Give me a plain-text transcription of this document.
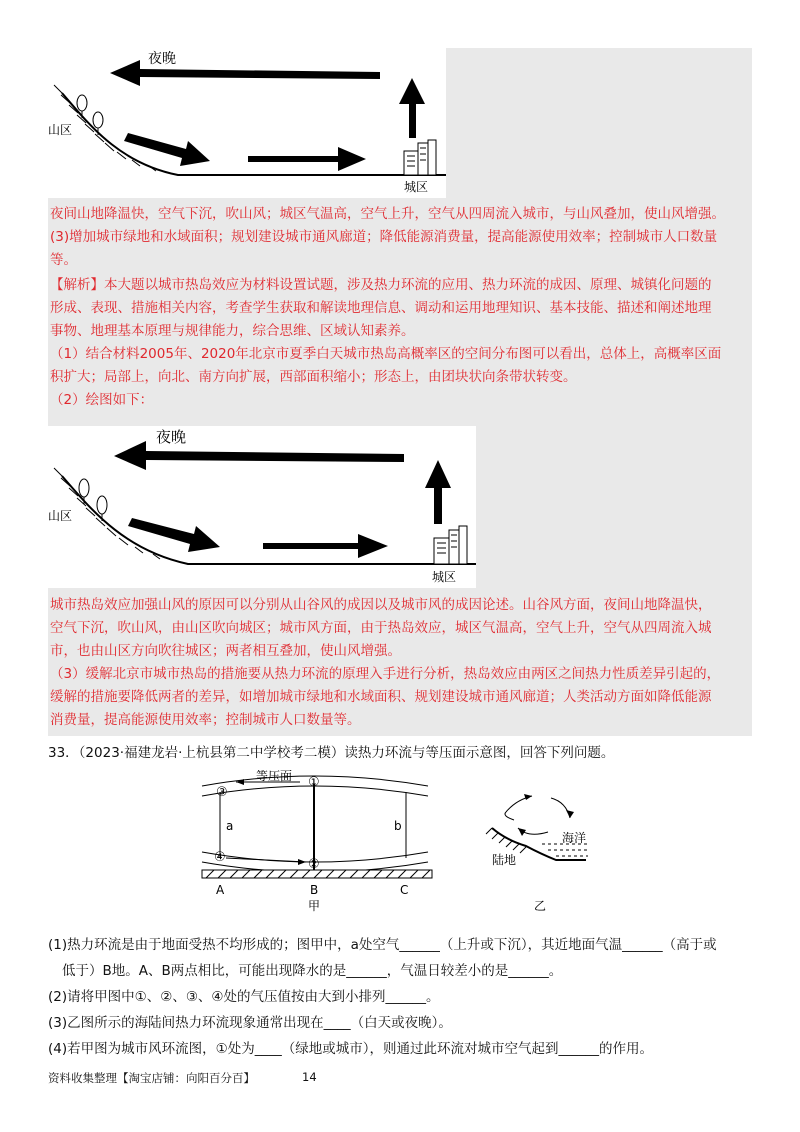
夜晚
山区
城区
夜间山地降温快，空气下沉，吹山风；城区气温高，空气上升，空气从四周流入城市，与山风叠加，使山风增强。
(3)增加城市绿地和水域面积；规划建设城市通风廊道；降低能源消费量，提高能源使用效率；控制城市人口数量
等。
【解析】本大题以城市热岛效应为材料设置试题，涉及热力环流的应用、热力环流的成因、原理、城镇化问题的
形成、表现、措施相关内容，考查学生获取和解读地理信息、调动和运用地理知识、基本技能、描述和阐述地理
事物、地理基本原理与规律能力，综合思维、区域认知素养。
（1）结合材料2005年、2020年北京市夏季白天城市热岛高概率区的空间分布图可以看出，总体上，高概率区面
积扩大；局部上，向北、南方向扩展，西部面积缩小；形态上，由团块状向条带状转变。
（2）绘图如下：
夜晚
山区
城区
城市热岛效应加强山风的原因可以分别从山谷风的成因以及城市风的成因论述。山谷风方面，夜间山地降温快，
空气下沉，吹山风，由山区吹向城区；城市风方面，由于热岛效应，城区气温高，空气上升，空气从四周流入城
市，也由山区方向吹往城区；两者相互叠加，使山风增强。
（3）缓解北京市城市热岛的措施要从热力环流的原理入手进行分析，热岛效应由两区之间热力性质差异引起的，
缓解的措施要降低两者的差异，如增加城市绿地和水域面积、规划建设城市通风廊道；人类活动方面如降低能源
消费量，提高能源使用效率；控制城市人口数量等。
33．（2023·福建龙岩·上杭县第二中学校考二模）读热力环流与等压面示意图，回答下列问题。
等压面 ①
②
③
④
a	b
A	B	C
甲
陆地
海洋
乙
(1)热力环流是由于地面受热不均形成的；图甲中，a处空气______（上升或下沉），其近地面气温______（高于或
低于）B地。A、B两点相比，可能出现降水的是______，气温日较差小的是______。
(2)请将甲图中①、②、③、④处的气压值按由大到小排列______。
(3)乙图所示的海陆间热力环流现象通常出现在____（白天或夜晚）。
(4)若甲图为城市风环流图，①处为____（绿地或城市），则通过此环流对城市空气起到______的作用。
资料收集整理【淘宝店铺：向阳百分百】	14
